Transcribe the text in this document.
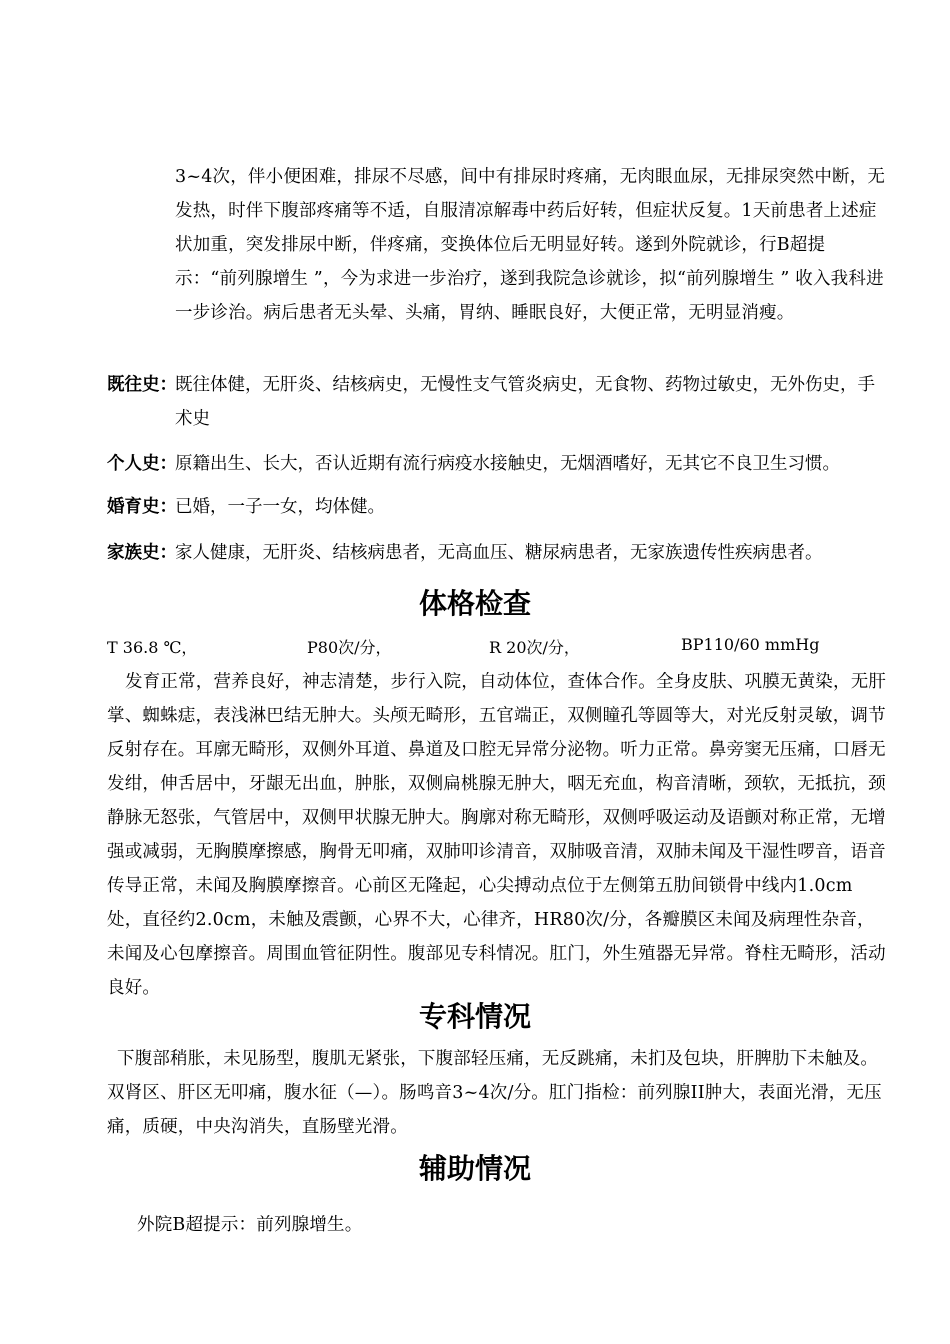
3~4次，伴小便困难，排尿不尽感，间中有排尿时疼痛，无肉眼血尿，无排尿突然中断，无发热，时伴下腹部疼痛等不适，自服清凉解毒中药后好转，但症状反复。1天前患者上述症状加重，突发排尿中断，伴疼痛，变换体位后无明显好转。遂到外院就诊，行B超提示：“前列腺增生 ”，今为求进一步治疗，遂到我院急诊就诊，拟“前列腺增生 ” 收入我科进一步诊治。病后患者无头晕、头痛，胃纳、睡眠良好，大便正常，无明显消瘦。
既往史：
既往体健，无肝炎、结核病史，无慢性支气管炎病史，无食物、药物过敏史，无外伤史，手术史
个人史：
原籍出生、长大，否认近期有流行病疫水接触史，无烟酒嗜好，无其它不良卫生习惯。
婚育史：
已婚，一子一女，均体健。
家族史：
家人健康，无肝炎、结核病患者，无高血压、糖尿病患者，无家族遗传性疾病患者。
体格检查
T 36.8 ℃，	P80次/分，	R 20次/分，	BP110/60 mmHg
发育正常，营养良好，神志清楚，步行入院，自动体位，查体合作。全身皮肤、巩膜无黄染，无肝掌、蜘蛛痣，表浅淋巴结无肿大。头颅无畸形，五官端正，双侧瞳孔等圆等大，对光反射灵敏，调节反射存在。耳廓无畸形，双侧外耳道、鼻道及口腔无异常分泌物。听力正常。鼻旁窦无压痛，口唇无发绀，伸舌居中，牙龈无出血，肿胀，双侧扁桃腺无肿大，咽无充血，构音清晰，颈软，无抵抗，颈静脉无怒张，气管居中，双侧甲状腺无肿大。胸廓对称无畸形，双侧呼吸运动及语颤对称正常，无增强或减弱，无胸膜摩擦感，胸骨无叩痛，双肺叩诊清音，双肺吸音清，双肺未闻及干湿性啰音，语音传导正常，未闻及胸膜摩擦音。心前区无隆起，心尖搏动点位于左侧第五肋间锁骨中线内1.0cm处，直径约2.0cm，未触及震颤，心界不大，心律齐，HR80次/分，各瓣膜区未闻及病理性杂音，未闻及心包摩擦音。周围血管征阴性。腹部见专科情况。肛门，外生殖器无异常。脊柱无畸形，活动良好。
专科情况
下腹部稍胀，未见肠型，腹肌无紧张，下腹部轻压痛，无反跳痛，未扪及包块，肝脾肋下未触及。双肾区、肝区无叩痛，腹水征（—）。肠鸣音3~4次/分。肛门指检：前列腺II肿大，表面光滑，无压痛，质硬，中央沟消失，直肠壁光滑。
辅助情况
外院B超提示：前列腺增生。
